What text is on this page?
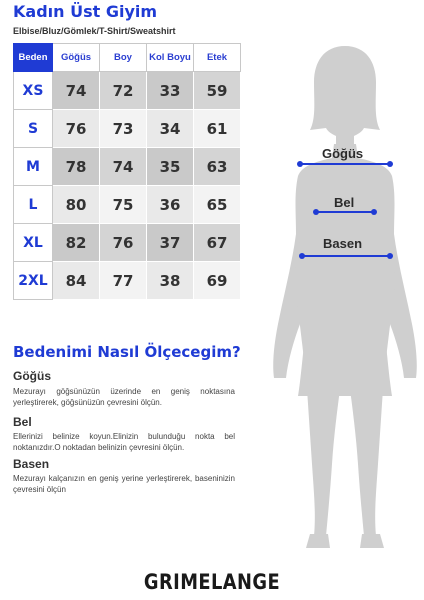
Kadın Üst Giyim
Elbise/Bluz/Gömlek/T-Shirt/Sweatshirt
Beden	Göğüs	Boy	Kol Boyu	Etek
XS	74	72	33	59
S	76	73	34	61
M	78	74	35	63
L	80	75	36	65
XL	82	76	37	67
2XL	84	77	38	69
Bedenimi Nasıl Ölçecegim?
Göğüs
Mezurayı göğsünüzün üzerinde en geniş noktasına yerleştirerek, göğsünüzün çevresini ölçün.
Bel
Ellerinizi belinize koyun.Elinizin bulunduğu nokta bel noktanızdır.O noktadan belinizin çevresini ölçün.
Basen
Mezurayı kalçanızın en geniş yerine yerleştirerek, baseninizin çevresini ölçün
Göğüs
Bel
Basen
GRIMELANGE
